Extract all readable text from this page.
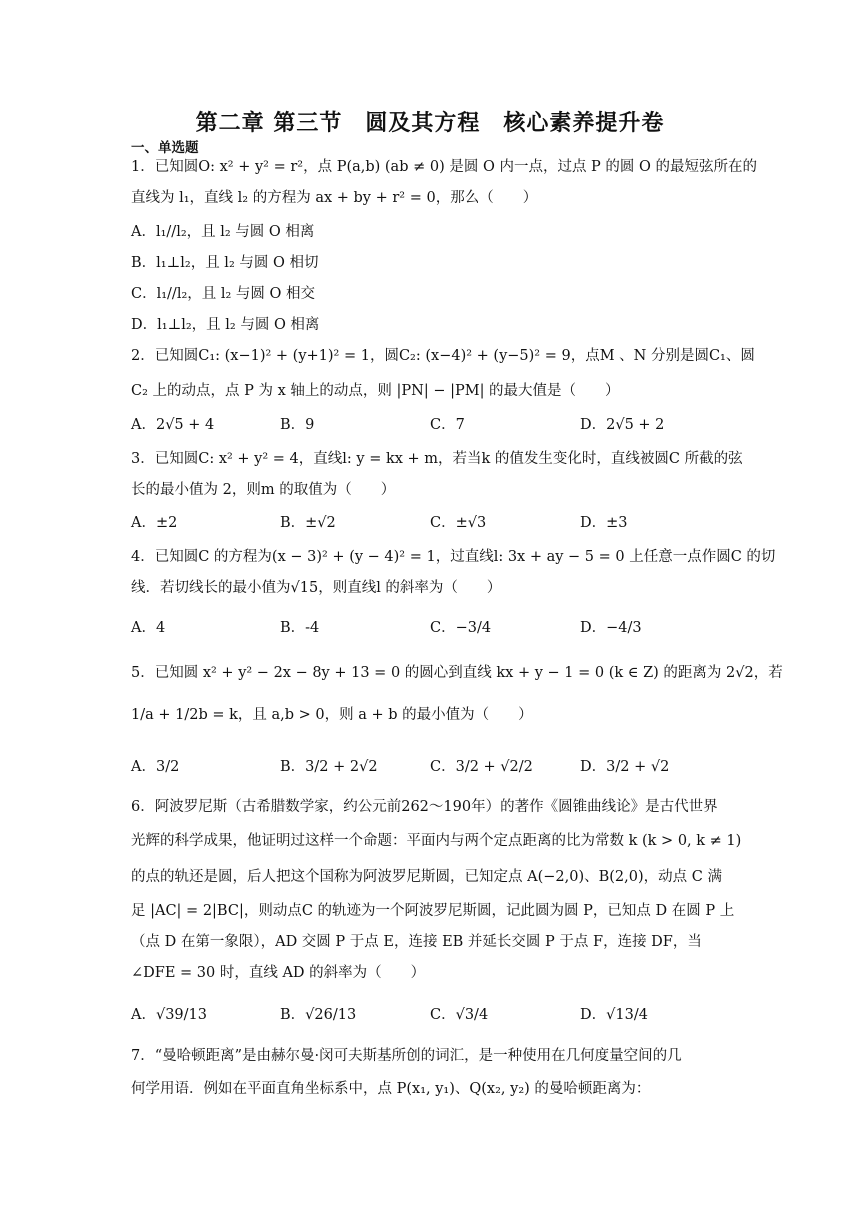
第二章 第三节　圆及其方程　核心素养提升卷
一、单选题
1．已知圆O: x² + y² = r²，点 P(a,b) (ab ≠ 0) 是圆 O 内一点，过点 P 的圆 O 的最短弦所在的
直线为 l₁，直线 l₂ 的方程为 ax + by + r² = 0，那么（　　）
A．l₁//l₂，且 l₂ 与圆 O 相离
B．l₁⊥l₂，且 l₂ 与圆 O 相切
C．l₁//l₂，且 l₂ 与圆 O 相交
D．l₁⊥l₂，且 l₂ 与圆 O 相离
2．已知圆C₁: (x−1)² + (y+1)² = 1，圆C₂: (x−4)² + (y−5)² = 9，点M 、N 分别是圆C₁、圆
C₂ 上的动点，点 P 为 x 轴上的动点，则 |PN| − |PM| 的最大值是（　　）
A．2√5 + 4	B．9	C．7	D．2√5 + 2
3．已知圆C: x² + y² = 4，直线l: y = kx + m，若当k 的值发生变化时，直线被圆C 所截的弦
长的最小值为 2，则m 的取值为（　　）
A．±2	B．±√2	C．±√3	D．±3
4．已知圆C 的方程为(x − 3)² + (y − 4)² = 1，过直线l: 3x + ay − 5 = 0 上任意一点作圆C 的切
线．若切线长的最小值为√15，则直线l 的斜率为（　　）
A．4	B．-4	C．−3/4	D．−4/3
5．已知圆 x² + y² − 2x − 8y + 13 = 0 的圆心到直线 kx + y − 1 = 0 (k ∈ Z) 的距离为 2√2，若
1/a + 1/2b = k，且 a,b > 0，则 a + b 的最小值为（　　）
A．3/2	B．3/2 + 2√2	C．3/2 + √2/2	D．3/2 + √2
6．阿波罗尼斯（古希腊数学家，约公元前262～190年）的著作《圆锥曲线论》是古代世界
光辉的科学成果，他证明过这样一个命题：平面内与两个定点距离的比为常数 k (k > 0, k ≠ 1)
的点的轨还是圆，后人把这个国称为阿波罗尼斯圆，已知定点 A(−2,0)、B(2,0)，动点 C 满
足 |AC| = 2|BC|，则动点C 的轨迹为一个阿波罗尼斯圆，记此圆为圆 P，已知点 D 在圆 P 上
（点 D 在第一象限），AD 交圆 P 于点 E，连接 EB 并延长交圆 P 于点 F，连接 DF，当
∠DFE = 30 时，直线 AD 的斜率为（　　）
A．√39/13	B．√26/13	C．√3/4	D．√13/4
7．“曼哈顿距离”是由赫尔曼·闵可夫斯基所创的词汇，是一种使用在几何度量空间的几
何学用语．例如在平面直角坐标系中，点 P(x₁, y₁)、Q(x₂, y₂) 的曼哈顿距离为：
